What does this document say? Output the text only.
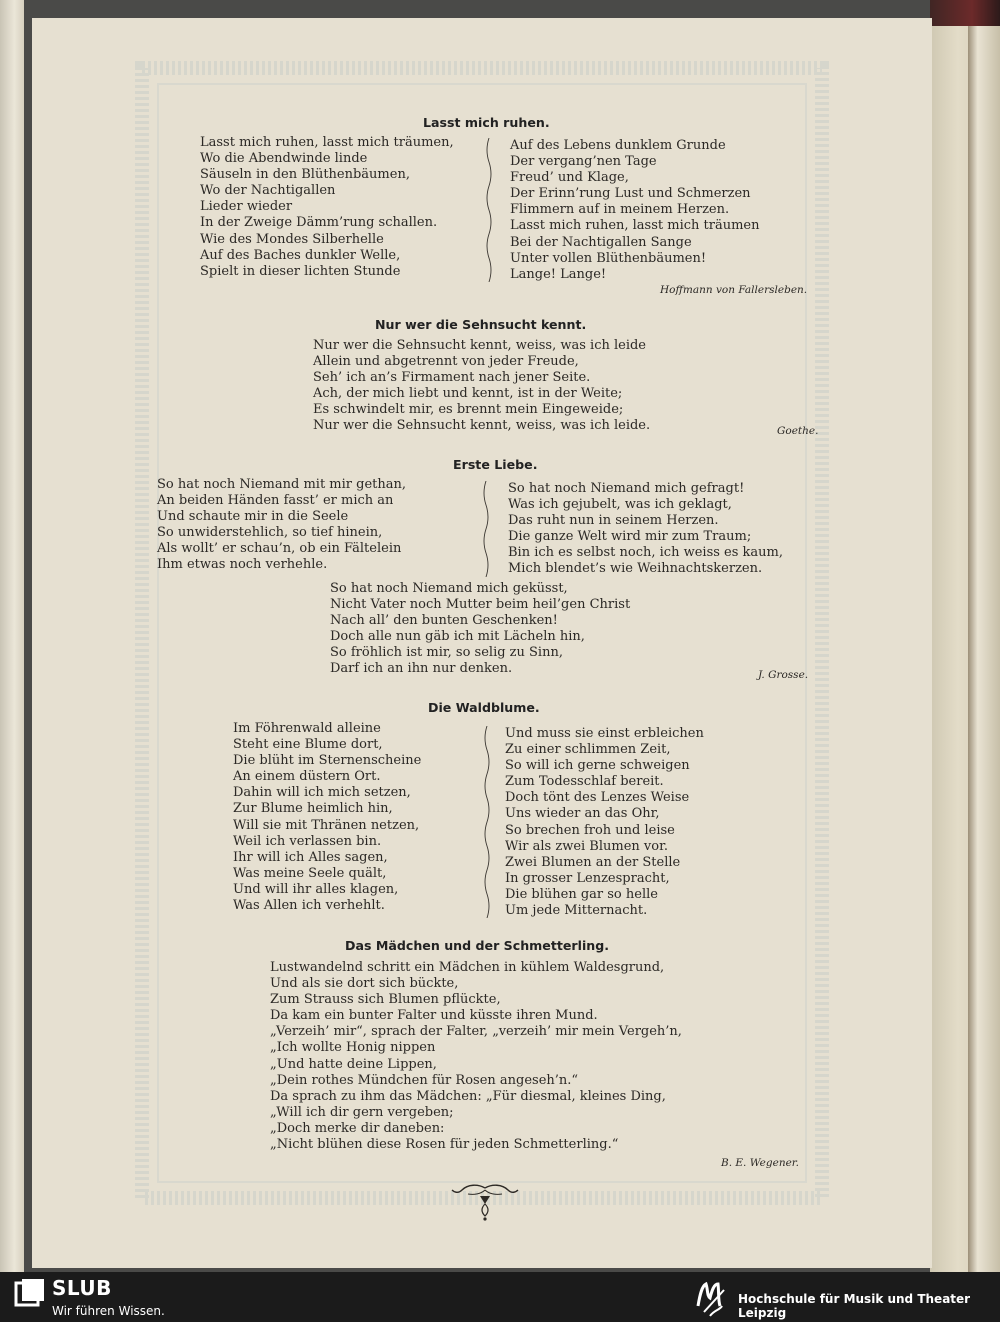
Lasst mich ruhen.
Lasst mich ruhen, lasst mich träumen,
Wo die Abendwinde linde
Säuseln in den Blüthenbäumen,
Wo der Nachtigallen
Lieder wieder
In der Zweige Dämm’rung schallen.
Wie des Mondes Silberhelle
Auf des Baches dunkler Welle,
Spielt in dieser lichten Stunde
Auf des Lebens dunklem Grunde
Der vergang’nen Tage
Freud’ und Klage,
Der Erinn’rung Lust und Schmerzen
Flimmern auf in meinem Herzen.
Lasst mich ruhen, lasst mich träumen
Bei der Nachtigallen Sange
Unter vollen Blüthenbäumen!
Lange! Lange!
Hoffmann von Fallersleben.
Nur wer die Sehnsucht kennt.
Nur wer die Sehnsucht kennt, weiss, was ich leide
Allein und abgetrennt von jeder Freude,
Seh’ ich an’s Firmament nach jener Seite.
Ach, der mich liebt und kennt, ist in der Weite;
Es schwindelt mir, es brennt mein Eingeweide;
Nur wer die Sehnsucht kennt, weiss, was ich leide.	Goethe.
Erste Liebe.
So hat noch Niemand mit mir gethan,
An beiden Händen fasst’ er mich an
Und schaute mir in die Seele
So unwiderstehlich, so tief hinein,
Als wollt’ er schau’n, ob ein Fältelein
Ihm etwas noch verhehle.
So hat noch Niemand mich gefragt!
Was ich gejubelt, was ich geklagt,
Das ruht nun in seinem Herzen.
Die ganze Welt wird mir zum Traum;
Bin ich es selbst noch, ich weiss es kaum,
Mich blendet’s wie Weihnachtskerzen.
So hat noch Niemand mich geküsst,
Nicht Vater noch Mutter beim heil’gen Christ
Nach all’ den bunten Geschenken!
Doch alle nun gäb ich mit Lächeln hin,
So fröhlich ist mir, so selig zu Sinn,
Darf ich an ihn nur denken.	J. Grosse.
Die Waldblume.
Im Föhrenwald alleine
Steht eine Blume dort,
Die blüht im Sternenscheine
An einem düstern Ort.
Dahin will ich mich setzen,
Zur Blume heimlich hin,
Will sie mit Thränen netzen,
Weil ich verlassen bin.
Ihr will ich Alles sagen,
Was meine Seele quält,
Und will ihr alles klagen,
Was Allen ich verhehlt.
Und muss sie einst erbleichen
Zu einer schlimmen Zeit,
So will ich gerne schweigen
Zum Todesschlaf bereit.
Doch tönt des Lenzes Weise
Uns wieder an das Ohr,
So brechen froh und leise
Wir als zwei Blumen vor.
Zwei Blumen an der Stelle
In grosser Lenzespracht,
Die blühen gar so helle
Um jede Mitternacht.
Das Mädchen und der Schmetterling.
Lustwandelnd schritt ein Mädchen in kühlem Waldesgrund,
Und als sie dort sich bückte,
Zum Strauss sich Blumen pflückte,
Da kam ein bunter Falter und küsste ihren Mund.
„Verzeih’ mir“, sprach der Falter, „verzeih’ mir mein Vergeh’n,
„Ich wollte Honig nippen
„Und hatte deine Lippen,
„Dein rothes Mündchen für Rosen angeseh’n.“
Da sprach zu ihm das Mädchen: „Für diesmal, kleines Ding,
„Will ich dir gern vergeben;
„Doch merke dir daneben:
„Nicht blühen diese Rosen für jeden Schmetterling.“
B. E. Wegener.
SLUB
Wir führen Wissen.
Hochschule für Musik und Theater Leipzig
